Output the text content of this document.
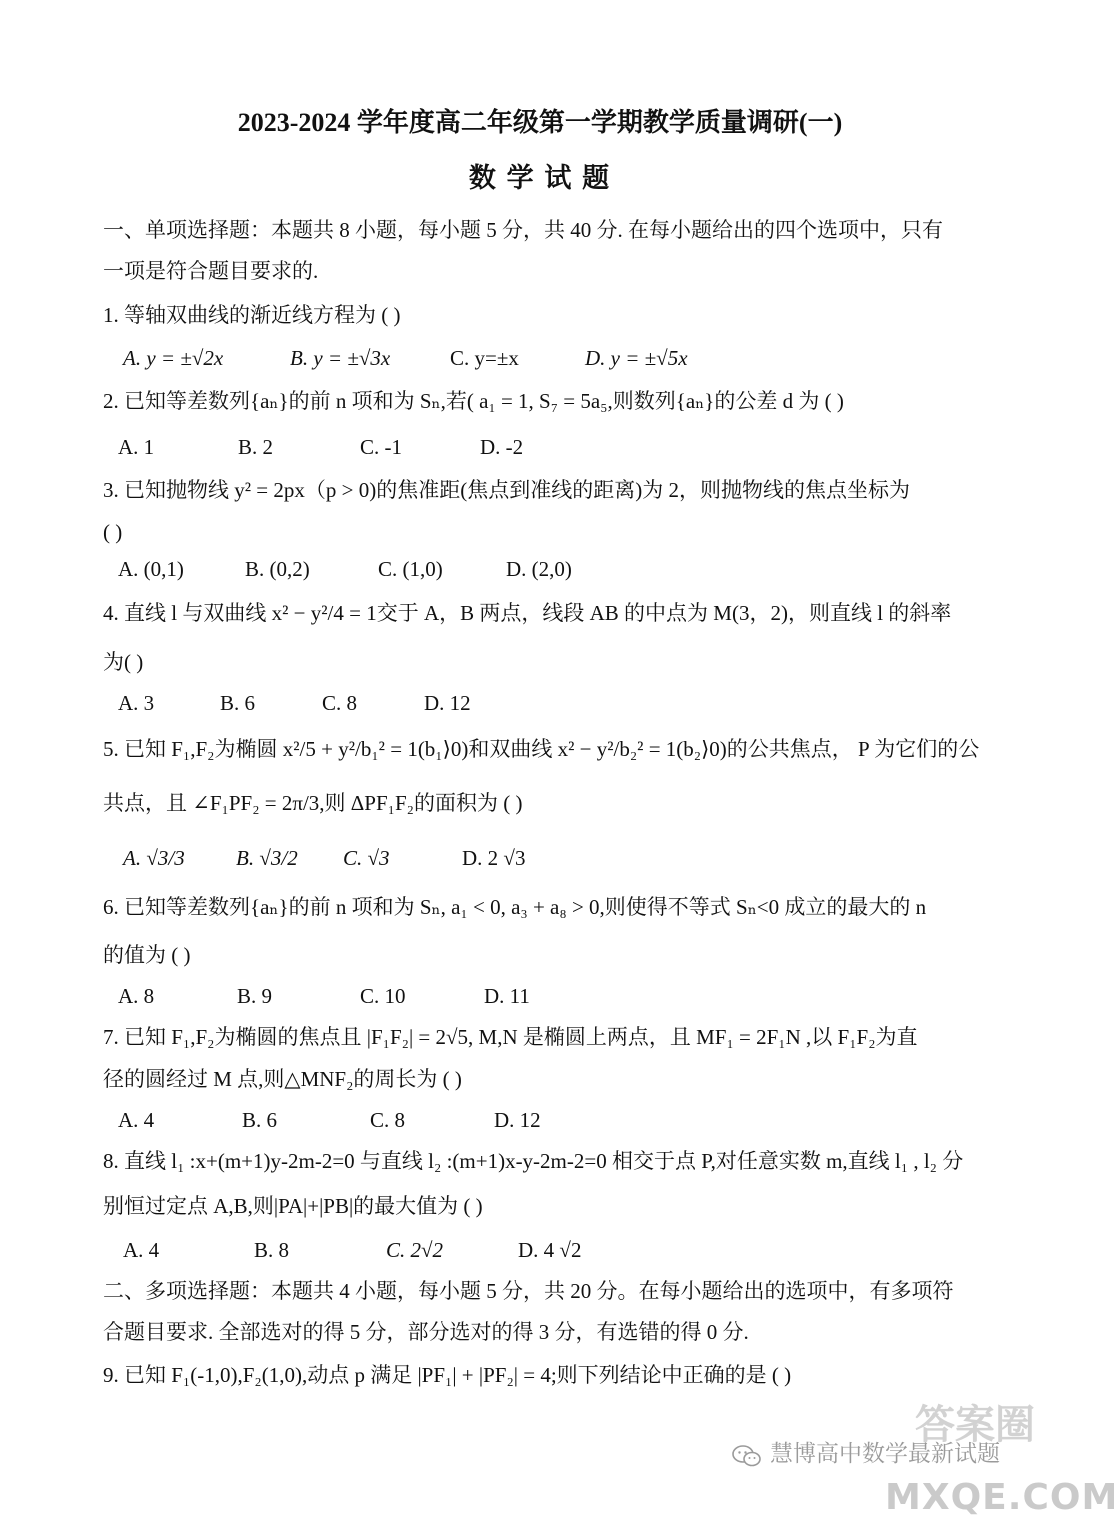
2023-2024 学年度高二年级第一学期教学质量调研(一)
数 学 试 题
一、单项选择题：本题共 8 小题，每小题 5 分，共 40 分. 在每小题给出的四个选项中，只有
一项是符合题目要求的.
1. 等轴双曲线的渐近线方程为 ( )
A. y = ±√2x	B. y = ±√3x	C. y=±x	D. y = ±√5x
2. 已知等差数列{aₙ}的前 n 项和为 Sₙ,若( a₁ = 1, S₇ = 5a₅,则数列{aₙ}的公差 d 为 ( )
A. 1	B. 2	C. -1	D. -2
3. 已知抛物线 y² = 2px（p > 0)的焦准距(焦点到准线的距离)为 2，则抛物线的焦点坐标为
( )
A. (0,1)	B. (0,2)	C. (1,0)	D. (2,0)
4. 直线 l 与双曲线 x² − y²/4 = 1交于 A，B 两点，线段 AB 的中点为 M(3，2)，则直线 l 的斜率
为( )
A. 3	B. 6	C. 8	D. 12
5. 已知 F₁,F₂为椭圆 x²/5 + y²/b₁² = 1(b₁⟩0)和双曲线 x² − y²/b₂² = 1(b₂⟩0)的公共焦点， P 为它们的公
共点，且 ∠F₁PF₂ = 2π/3,则 ΔPF₁F₂的面积为 ( )
A. √3/3 B. √3/2 C. √3	D. 2 √3
6. 已知等差数列{aₙ}的前 n 项和为 Sₙ, a₁ < 0, a₃ + a₈ > 0,则使得不等式 Sₙ<0 成立的最大的 n
的值为 ( )
A. 8	B. 9	C. 10	D. 11
7. 已知 F₁,F₂为椭圆的焦点且 |F₁F₂| = 2√5, M,N 是椭圆上两点，且 MF₁ = 2F₁N ,以 F₁F₂为直
径的圆经过 M 点,则△MNF₂的周长为 ( )
A. 4	B. 6	C. 8	D. 12
8. 直线 l₁ :x+(m+1)y-2m-2=0 与直线 l₂ :(m+1)x-y-2m-2=0 相交于点 P,对任意实数 m,直线 l₁ , l₂ 分
别恒过定点 A,B,则|PA|+|PB|的最大值为 ( )
A. 4	B. 8	C. 2√2	D. 4 √2
二、多项选择题：本题共 4 小题，每小题 5 分，共 20 分。在每小题给出的选项中，有多项符
合题目要求. 全部选对的得 5 分，部分选对的得 3 分，有选错的得 0 分.
9. 已知 F₁(-1,0),F₂(1,0),动点 p 满足 |PF₁| + |PF₂| = 4;则下列结论中正确的是 ( )
慧博高中数学最新试题
答案圈
MXQE.COM
